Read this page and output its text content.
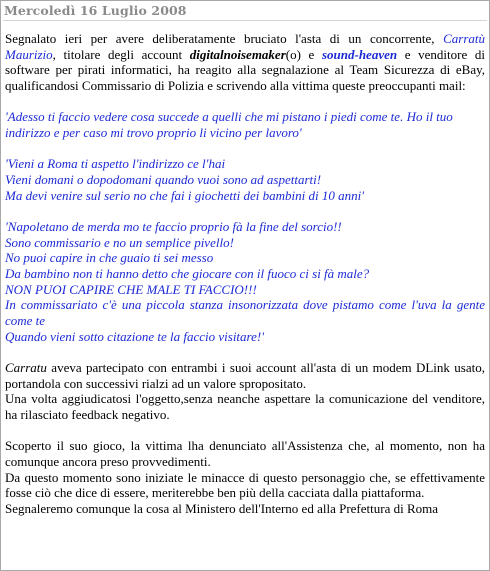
Mercoledì 16 Luglio 2008

Segnalato ieri per avere deliberatamente bruciato l'asta di un concorrente, Carratù Maurizio, titolare degli account digitalnoisemaker(o) e sound-heaven e venditore di software per pirati informatici, ha reagito alla segnalazione al Team Sicurezza di eBay, qualificandosi Commissario di Polizia e scrivendo alla vittima queste preoccupanti mail:

'Adesso ti faccio vedere cosa succede a quelli che mi pistano i piedi come te. Ho il tuo indirizzo e per caso mi trovo proprio li vicino per lavoro'

'Vieni a Roma ti aspetto l'indirizzo ce l'hai

Vieni domani o dopodomani quando vuoi sono ad aspettarti!

Ma devi venire sul serio no che fai i giochetti dei bambini di 10 anni'

'Napoletano de merda mo te faccio proprio fà la fine del sorcio!!

Sono commissario e no un semplice pivello!

No puoi capire in che guaio ti sei messo

Da bambino non ti hanno detto che giocare con il fuoco ci si fà male?

NON PUOI CAPIRE CHE MALE TI FACCIO!!!

In commissariato c'è una piccola stanza insonorizzata dove pistamo come l'uva la gente come te

Quando vieni sotto citazione te la faccio visitare!'

Carratu aveva partecipato con entrambi i suoi account all'asta di un modem DLink usato, portandola con successivi rialzi ad un valore spropositato.

Una volta aggiudicatosi l'oggetto,senza neanche aspettare la comunicazione del venditore, ha rilasciato feedback negativo.

Scoperto il suo gioco, la vittima lha denunciato all'Assistenza che, al momento, non ha comunque ancora preso provvedimenti.

Da questo momento sono iniziate le minacce di questo personaggio che, se effettivamente fosse ciò che dice di essere, meriterebbe ben più della cacciata dalla piattaforma.

Segnaleremo comunque la cosa al Ministero dell'Interno ed alla Prefettura di Roma
